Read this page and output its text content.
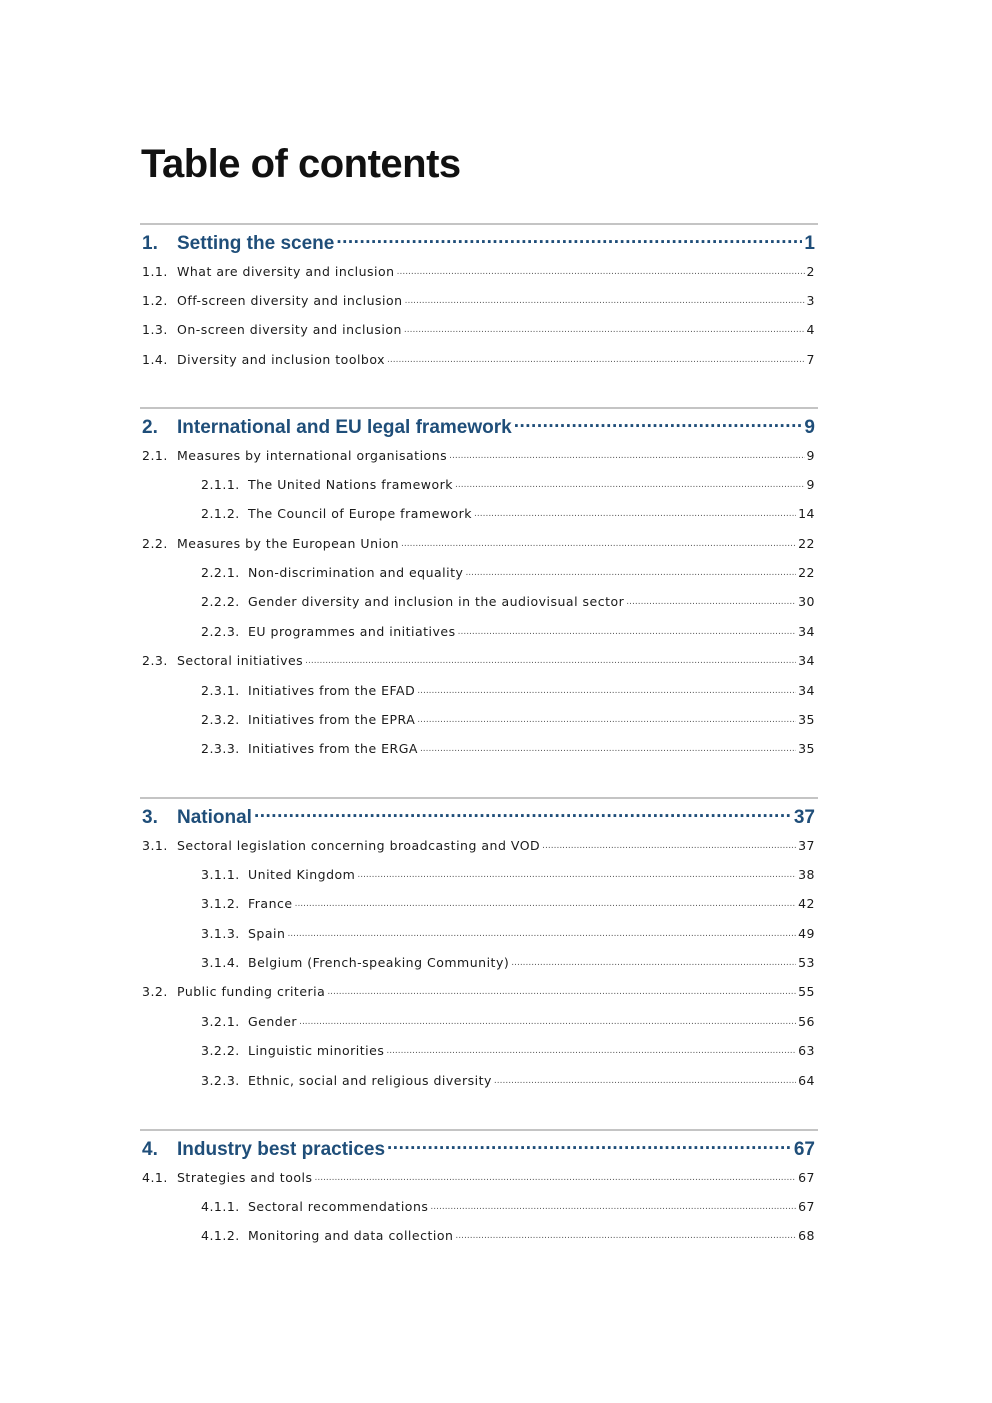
Table of contents
1.	Setting the scene .....	1
1.1. What are diversity and inclusion .....	2
1.2. Off-screen diversity and inclusion .....	3
1.3. On-screen diversity and inclusion .....	4
1.4. Diversity and inclusion toolbox .....	7
2.	International and EU legal framework .....	9
2.1. Measures by international organisations .....	9
2.1.1. The United Nations framework .....	9
2.1.2. The Council of Europe framework .....	14
2.2. Measures by the European Union .....	22
2.2.1. Non-discrimination and equality .....	22
2.2.2. Gender diversity and inclusion in the audiovisual sector .....	30
2.2.3. EU programmes and initiatives .....	34
2.3. Sectoral initiatives .....	34
2.3.1. Initiatives from the EFAD .....	34
2.3.2. Initiatives from the EPRA .....	35
2.3.3. Initiatives from the ERGA .....	35
3.	National .....	37
3.1. Sectoral legislation concerning broadcasting and VOD .....	37
3.1.1. United Kingdom .....	38
3.1.2. France .....	42
3.1.3. Spain .....	49
3.1.4. Belgium (French-speaking Community) .....	53
3.2. Public funding criteria .....	55
3.2.1. Gender .....	56
3.2.2. Linguistic minorities .....	63
3.2.3. Ethnic, social and religious diversity .....	64
4.	Industry best practices .....	67
4.1. Strategies and tools .....	67
4.1.1. Sectoral recommendations .....	67
4.1.2. Monitoring and data collection .....	68
